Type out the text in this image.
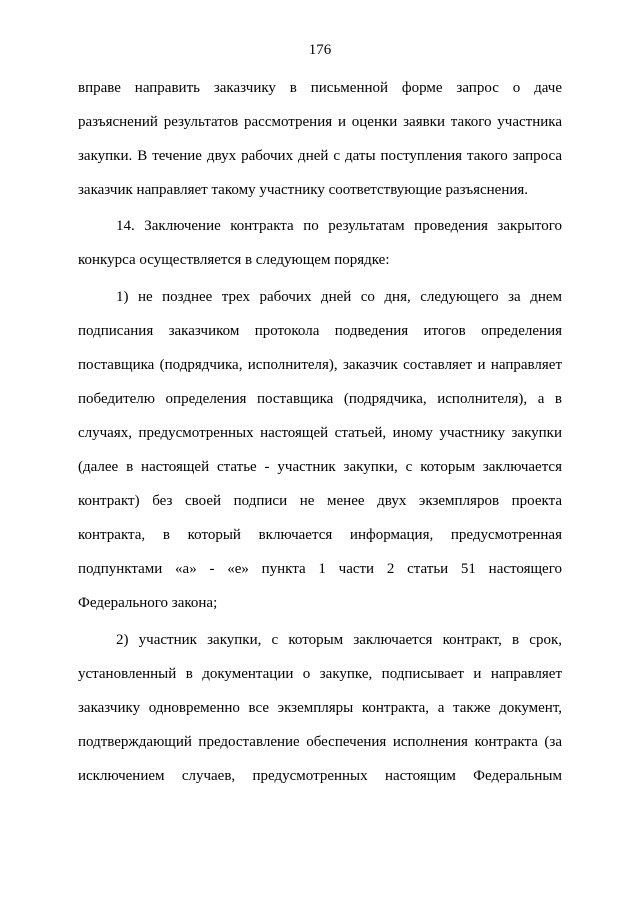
176
вправе направить заказчику в письменной форме запрос о даче
разъяснений результатов рассмотрения и оценки заявки такого участника
закупки. В течение двух рабочих дней с даты поступления такого запроса
заказчик направляет такому участнику соответствующие разъяснения.
14. Заключение контракта по результатам проведения закрытого
конкурса осуществляется в следующем порядке:
1) не позднее трех рабочих дней со дня, следующего за днем
подписания заказчиком протокола подведения итогов определения
поставщика (подрядчика, исполнителя), заказчик составляет и направляет
победителю определения поставщика (подрядчика, исполнителя), а в
случаях, предусмотренных настоящей статьей, иному участнику закупки
(далее в настоящей статье - участник закупки, с которым заключается
контракт) без своей подписи не менее двух экземпляров проекта
контракта, в который включается информация, предусмотренная
подпунктами «а» - «е» пункта 1 части 2 статьи 51 настоящего
Федерального закона;
2) участник закупки, с которым заключается контракт, в срок,
установленный в документации о закупке, подписывает и направляет
заказчику одновременно все экземпляры контракта, а также документ,
подтверждающий предоставление обеспечения исполнения контракта (за
исключением случаев, предусмотренных настоящим Федеральным
